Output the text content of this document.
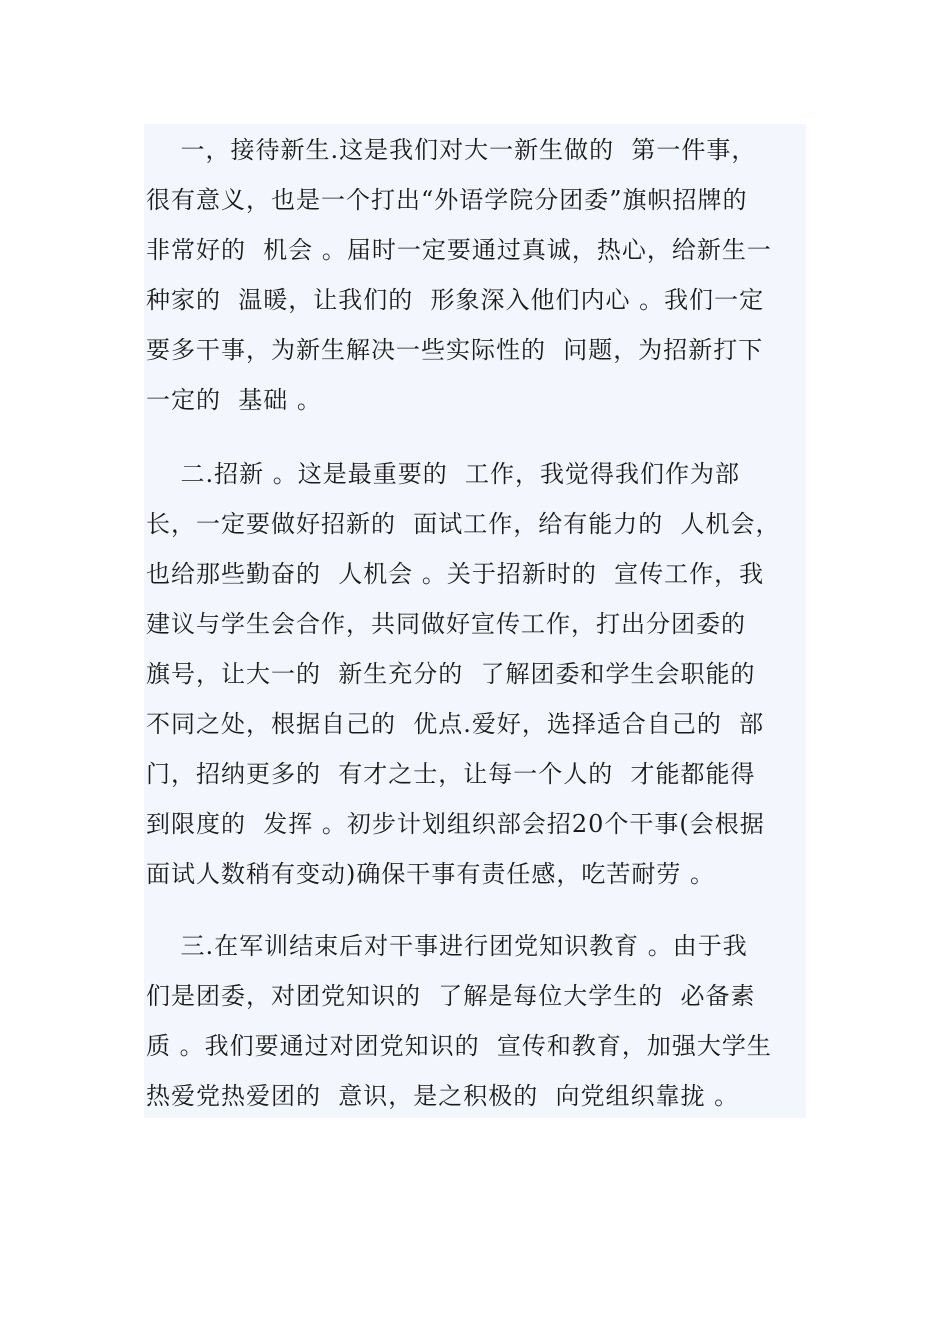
一，接待新生.这是我们对大一新生做的  第一件事，
很有意义，也是一个打出“外语学院分团委”旗帜招牌的
非常好的  机会 。届时一定要通过真诚，热心，给新生一
种家的  温暖，让我们的  形象深入他们内心 。我们一定
要多干事，为新生解决一些实际性的  问题，为招新打下
一定的  基础 。
二.招新 。这是最重要的  工作，我觉得我们作为部
长，一定要做好招新的  面试工作，给有能力的  人机会，
也给那些勤奋的  人机会 。关于招新时的  宣传工作，我
建议与学生会合作，共同做好宣传工作，打出分团委的
旗号，让大一的  新生充分的  了解团委和学生会职能的
不同之处，根据自己的  优点.爱好，选择适合自己的  部
门，招纳更多的  有才之士，让每一个人的  才能都能得
到限度的  发挥 。初步计划组织部会招20个干事(会根据
面试人数稍有变动)确保干事有责任感，吃苦耐劳 。
三.在军训结束后对干事进行团党知识教育 。由于我
们是团委，对团党知识的  了解是每位大学生的  必备素
质 。我们要通过对团党知识的  宣传和教育，加强大学生
热爱党热爱团的  意识，是之积极的  向党组织靠拢 。
